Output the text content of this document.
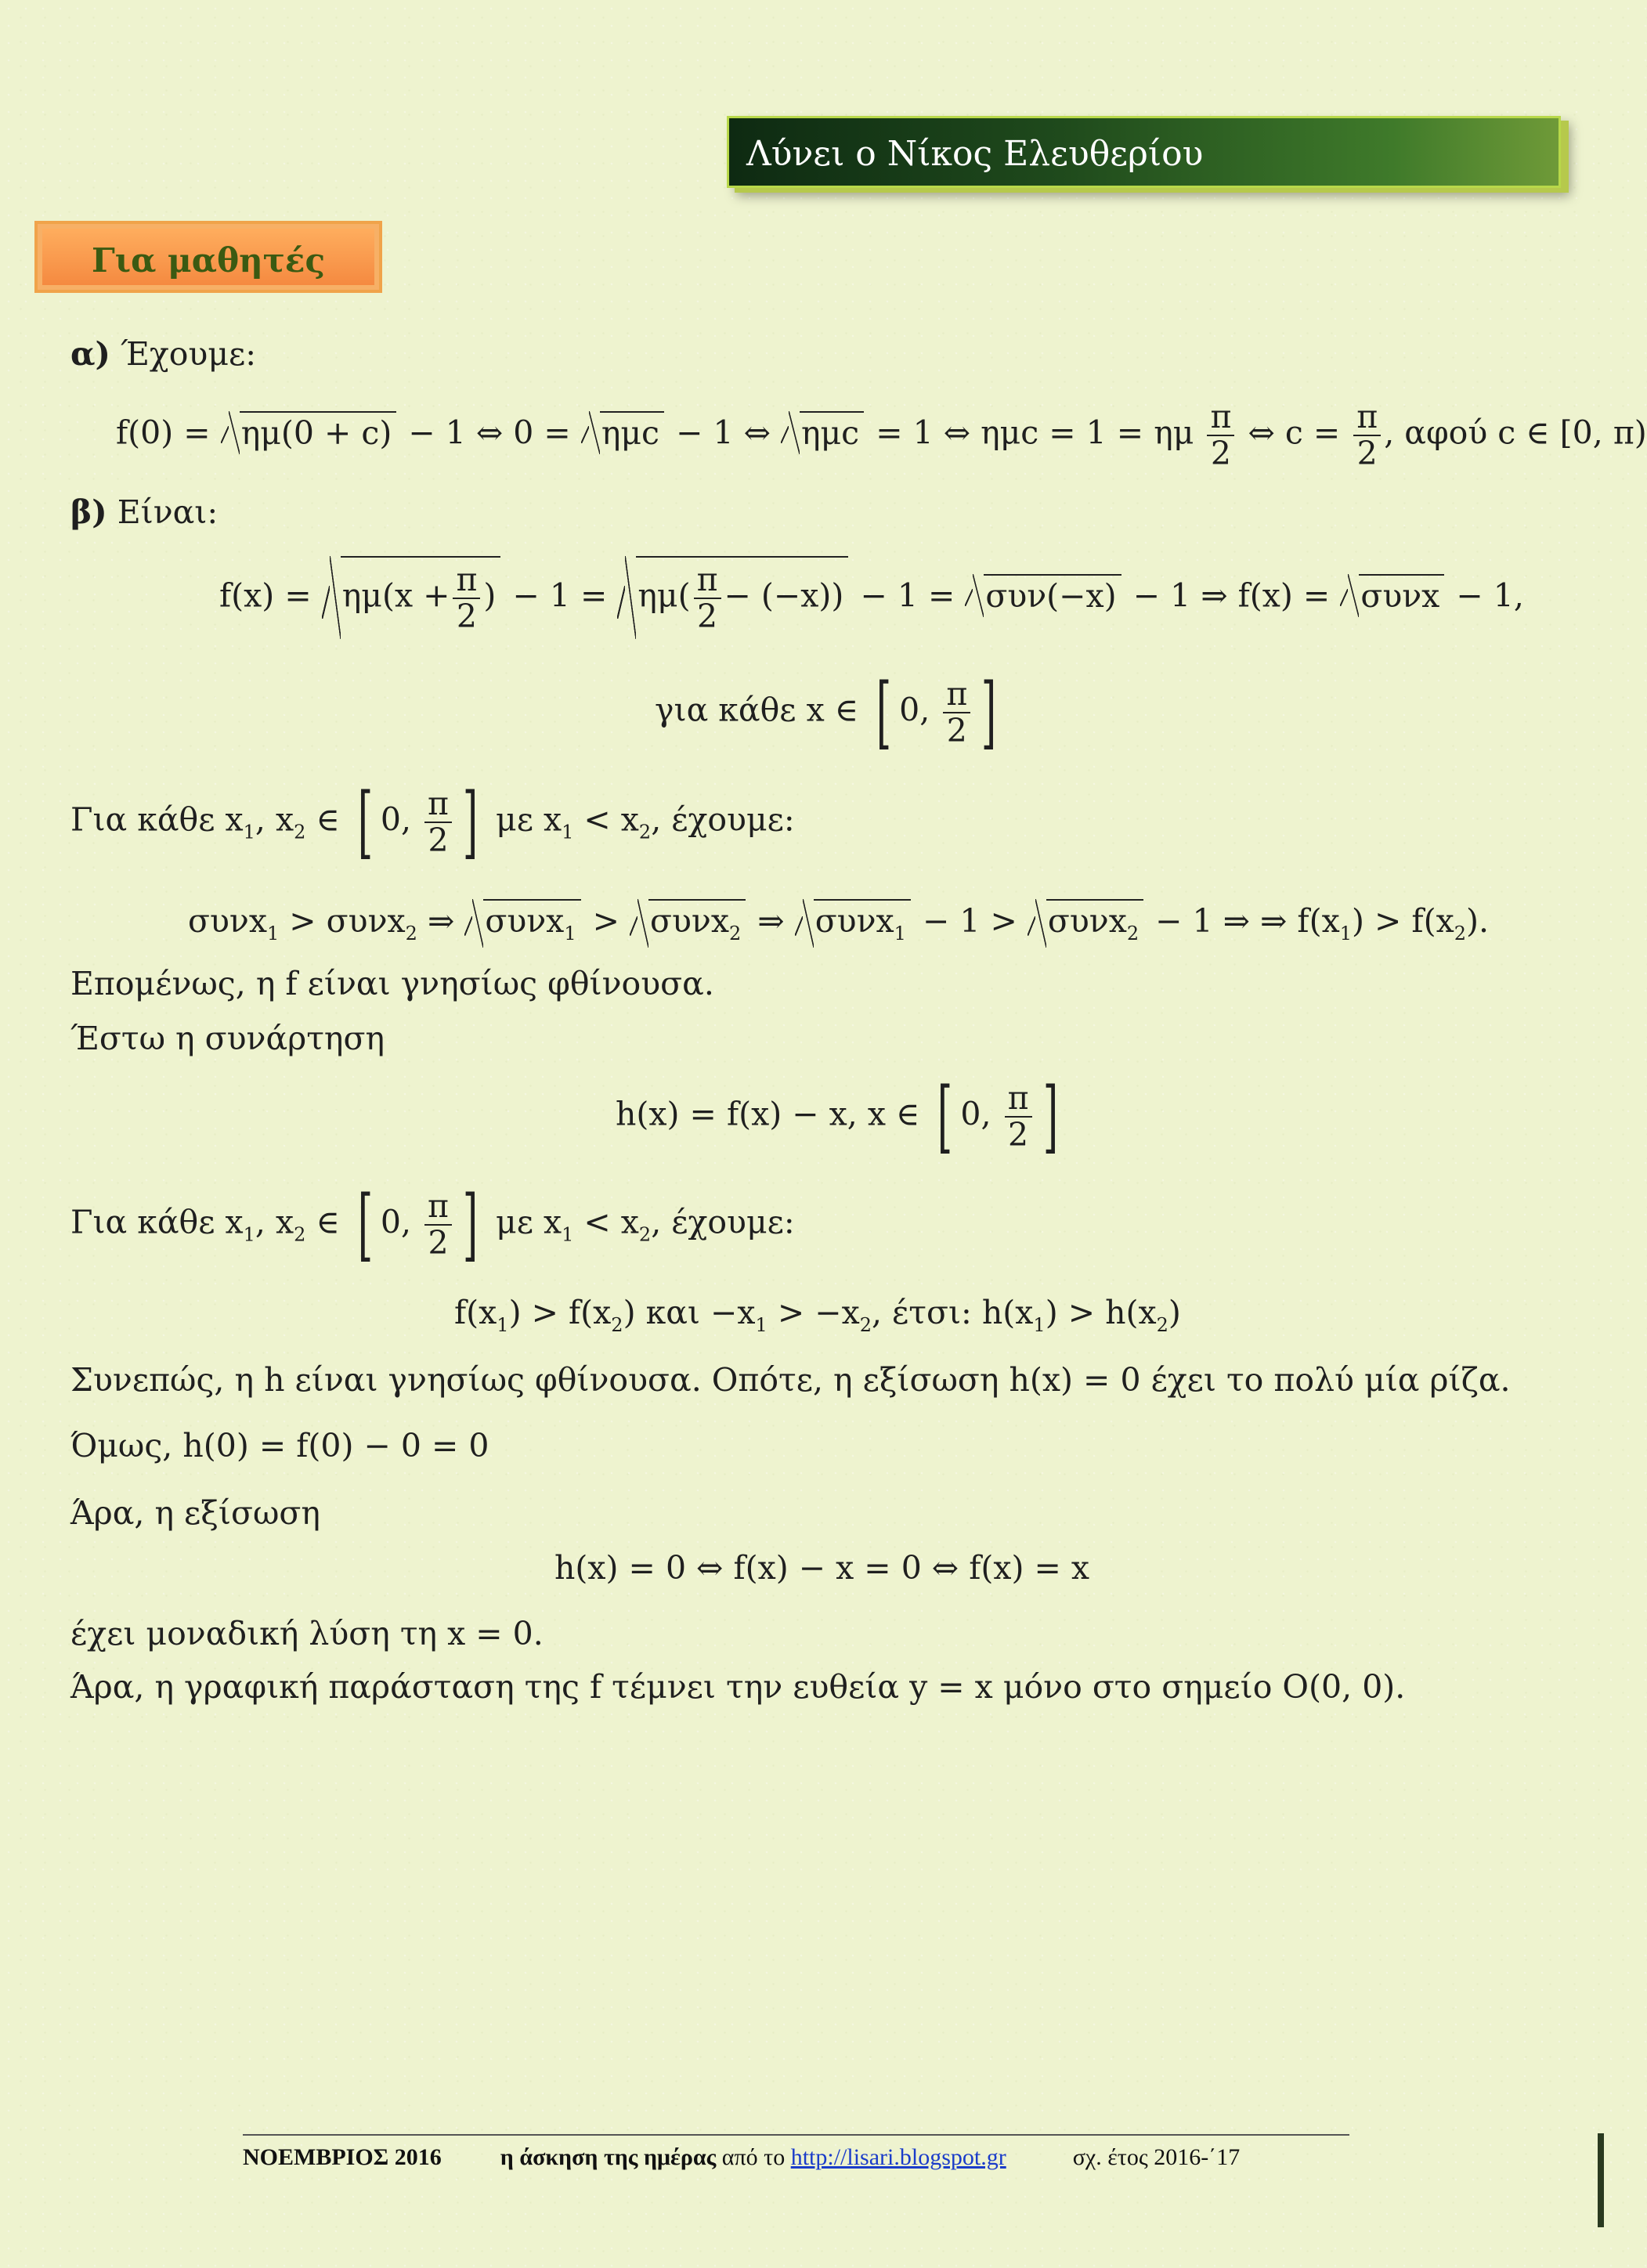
Λύνει ο Νίκος Ελευθερίου
Για μαθητές
α) Έχουμε:
f(0) = ημ(0 + c) − 1 ⇔ 0 = ημc − 1 ⇔ ημc = 1 ⇔ ημc = 1 = ημ $\frac{\pi}{2}$ ⇔ $c = \frac{\pi}{2}$ , αφού c ∈ [0, π)
β) Είναι:
$f(x) = \eta\mu(x + \frac{\pi}{2}$ ) − $1 = \eta\mu( \frac{\pi}{2} - (-x)) - 1 = \sigma\upsilon\nu(-x) - 1$ ⇒ f(x) = συνx − 1,
για κάθε x ∈ [ 0, $\frac{\pi}{2}$ ]
Για κάθε $x_1$, $x_2$ ∈ [ 0, $\frac{\pi}{2}$ ] με $x_1 < x_2$, έχουμε:
συνx$_1$ > συνx$_2$ ⇒ συνx$_1$ > συνx$_2$ ⇒ συνx$_1$ − 1 > συνx$_2$ − 1 ⇒ ⇒ $f(x_1) > f(x_2)$.
Επομένως, η f είναι γνησίως φθίνουσα.
Έστω η συνάρτηση
h(x) = f(x) − x, x ∈ [ 0, $\frac{\pi}{2}$ ]
Για κάθε $x_1$, $x_2$ ∈ [ 0, $\frac{\pi}{2}$ ] με $x_1 < x_2$, έχουμε:
$f(x_1) > f(x_2)$ $\kappa\alpha\iota -x_1 > -x_2$, έτσι: $h(x_1) > h(x_2)$
Συνεπώς, η h είναι γνησίως φθίνουσα. Οπότε, η εξίσωση h(x) = 0 έχει το πολύ μία ρίζα.
Όμως, h(0) = f(0) − 0 = 0
Άρα, η εξίσωση
h(x) = 0 ⇔ f(x) − x = 0 ⇔ f(x) = x
έχει μοναδική λύση τη x = 0.
Άρα, η γραφική παράσταση της f τέμνει την ευθεία y = x μόνο στο σημείο O(0, 0).
ΝΟΕΜΒΡΙΟΣ 2016	η άσκηση της ημέρας από το http://lisari.blogspot.gr	σχ. έτος 2016-΄17
